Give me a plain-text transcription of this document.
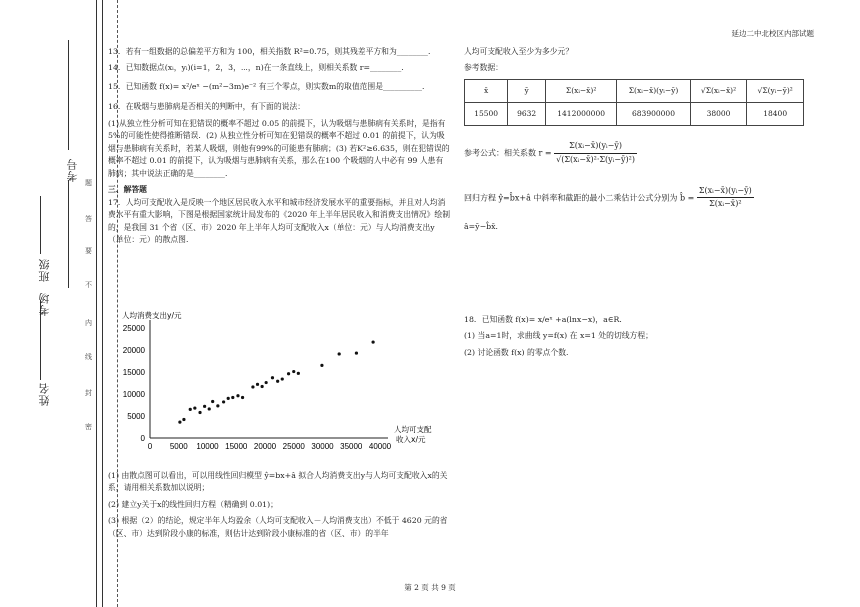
姓名
班级
考场
考号
题
答
要
不
内
线
封
密
延边二中北校区内部试题

13．若有一组数据的总偏差平方和为 100，相关指数 R²=0.75，则其残差平方和为________．

14．已知数据点(xᵢ，yᵢ)(i=1，2，3，⋯，n)在一条直线上，则相关系数 r=________．

15．已知函数 f(x)= x²/eˣ −(m²−3m)e⁻² 有三个零点，则实数m的取值范围是__________．

16．在吸烟与患肺病是否相关的判断中，有下面的说法：

(1)从独立性分析可知在犯错误的概率不超过 0.05 的前提下，认为吸烟与患肺病有关系时，是指有5%的可能性使得推断错误．(2) 从独立性分析可知在犯错误的概率不超过 0.01 的前提下，认为吸烟与患肺病有关系时，若某人吸烟，则他有99%的可能患有肺病；(3) 若K²≥6.635，则在犯错误的概率不超过 0.01 的前提下，认为吸烟与患肺病有关系，那么在100 个吸烟的人中必有 99 人患有肺病；其中说法正确的是________．

三、解答题

17．人均可支配收入是反映一个地区居民收入水平和城市经济发展水平的重要指标，并且对人均消费水平有重大影响，下图是根据国家统计局发布的《2020 年上半年居民收入和消费支出情况》绘制的，是我国 31 个省（区、市）2020 年上半年人均可支配收入x（单位：元）与人均消费支出y（单位：元）的散点图．

0 5000 10000 15000 20000 25000 30000 35000 40000
0
5000
10000
15000
20000
25000
人均消费支出y/元
人均可支配
收入x/元

(1) 由散点图可以看出，可以用线性回归模型 ŷ=bx+â 拟合人均消费支出y与人均可支配收入x的关系，请用相关系数加以说明；

(2) 建立y关于x的线性回归方程（精确到 0.01)；

(3) 根据（2）的结论，规定半年人均盈余（人均可支配收入－人均消费支出）不低于 4620 元的省（区、市）达到阶段小康的标准，则估计达到阶段小康标准的省（区、市）的半年

人均可支配收入至少为多少元？

参考数据：

x̄	ȳ	Σ(xᵢ−x̄)²	Σ(xᵢ−x̄)(yᵢ−ȳ)	√Σ(xᵢ−x̄)²	√Σ(yᵢ−ȳ)²
15500	9632	1412000000	683900000	38000	18400
参考公式：相关系数 $r = \frac{\text{Σ(xᵢ−x̄)(yᵢ−ȳ)}}{\text{√(Σ(xᵢ−x̄)²·Σ(yᵢ−ȳ)²)}}$
回归方程 ŷ=b̂x+â 中斜率和截距的最小二乘估计公式分别为 b̂ = $\frac{\text{Σ(xᵢ−x̄)(yᵢ−ȳ)}}{\text{Σ(xᵢ−x̄)²}}$

â=ȳ−b̂x̄．

18．已知函数 f(x)= x/eˣ +a(lnx−x)，a∈R．

(1) 当a=1时，求曲线 y=f(x) 在 x=1 处的切线方程；

(2) 讨论函数 f(x) 的零点个数.

第 2 页 共 9 页
